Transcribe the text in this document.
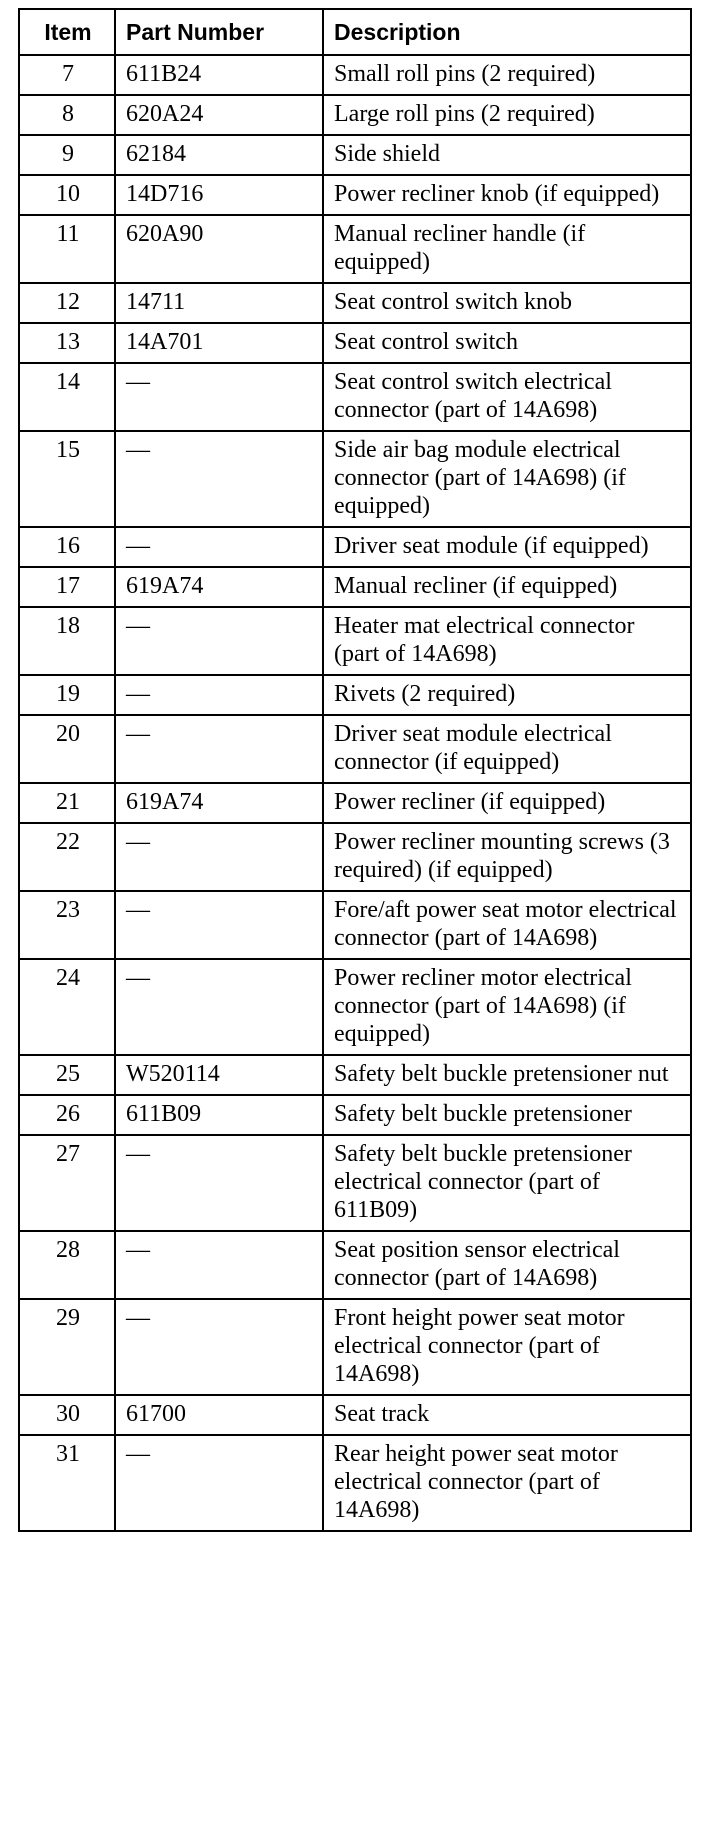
Item	Part Number	Description
7	611B24	Small roll pins (2 required)
8	620A24	Large roll pins (2 required)
9	62184	Side shield
10	14D716	Power recliner knob (if equipped)
11	620A90	Manual recliner handle (if equipped)
12	14711	Seat control switch knob
13	14A701	Seat control switch
14	—	Seat control switch electrical connector (part of 14A698)
15	—	Side air bag module electrical connector (part of 14A698) (if equipped)
16	—	Driver seat module (if equipped)
17	619A74	Manual recliner (if equipped)
18	—	Heater mat electrical connector (part of 14A698)
19	—	Rivets (2 required)
20	—	Driver seat module electrical connector (if equipped)
21	619A74	Power recliner (if equipped)
22	—	Power recliner mounting screws (3 required) (if equipped)
23	—	Fore/aft power seat motor electrical connector (part of 14A698)
24	—	Power recliner motor electrical connector (part of 14A698) (if equipped)
25	W520114	Safety belt buckle pretensioner nut
26	611B09	Safety belt buckle pretensioner
27	—	Safety belt buckle pretensioner electrical connector (part of 611B09)
28	—	Seat position sensor electrical connector (part of 14A698)
29	—	Front height power seat motor electrical connector (part of 14A698)
30	61700	Seat track
31	—	Rear height power seat motor electrical connector (part of 14A698)
